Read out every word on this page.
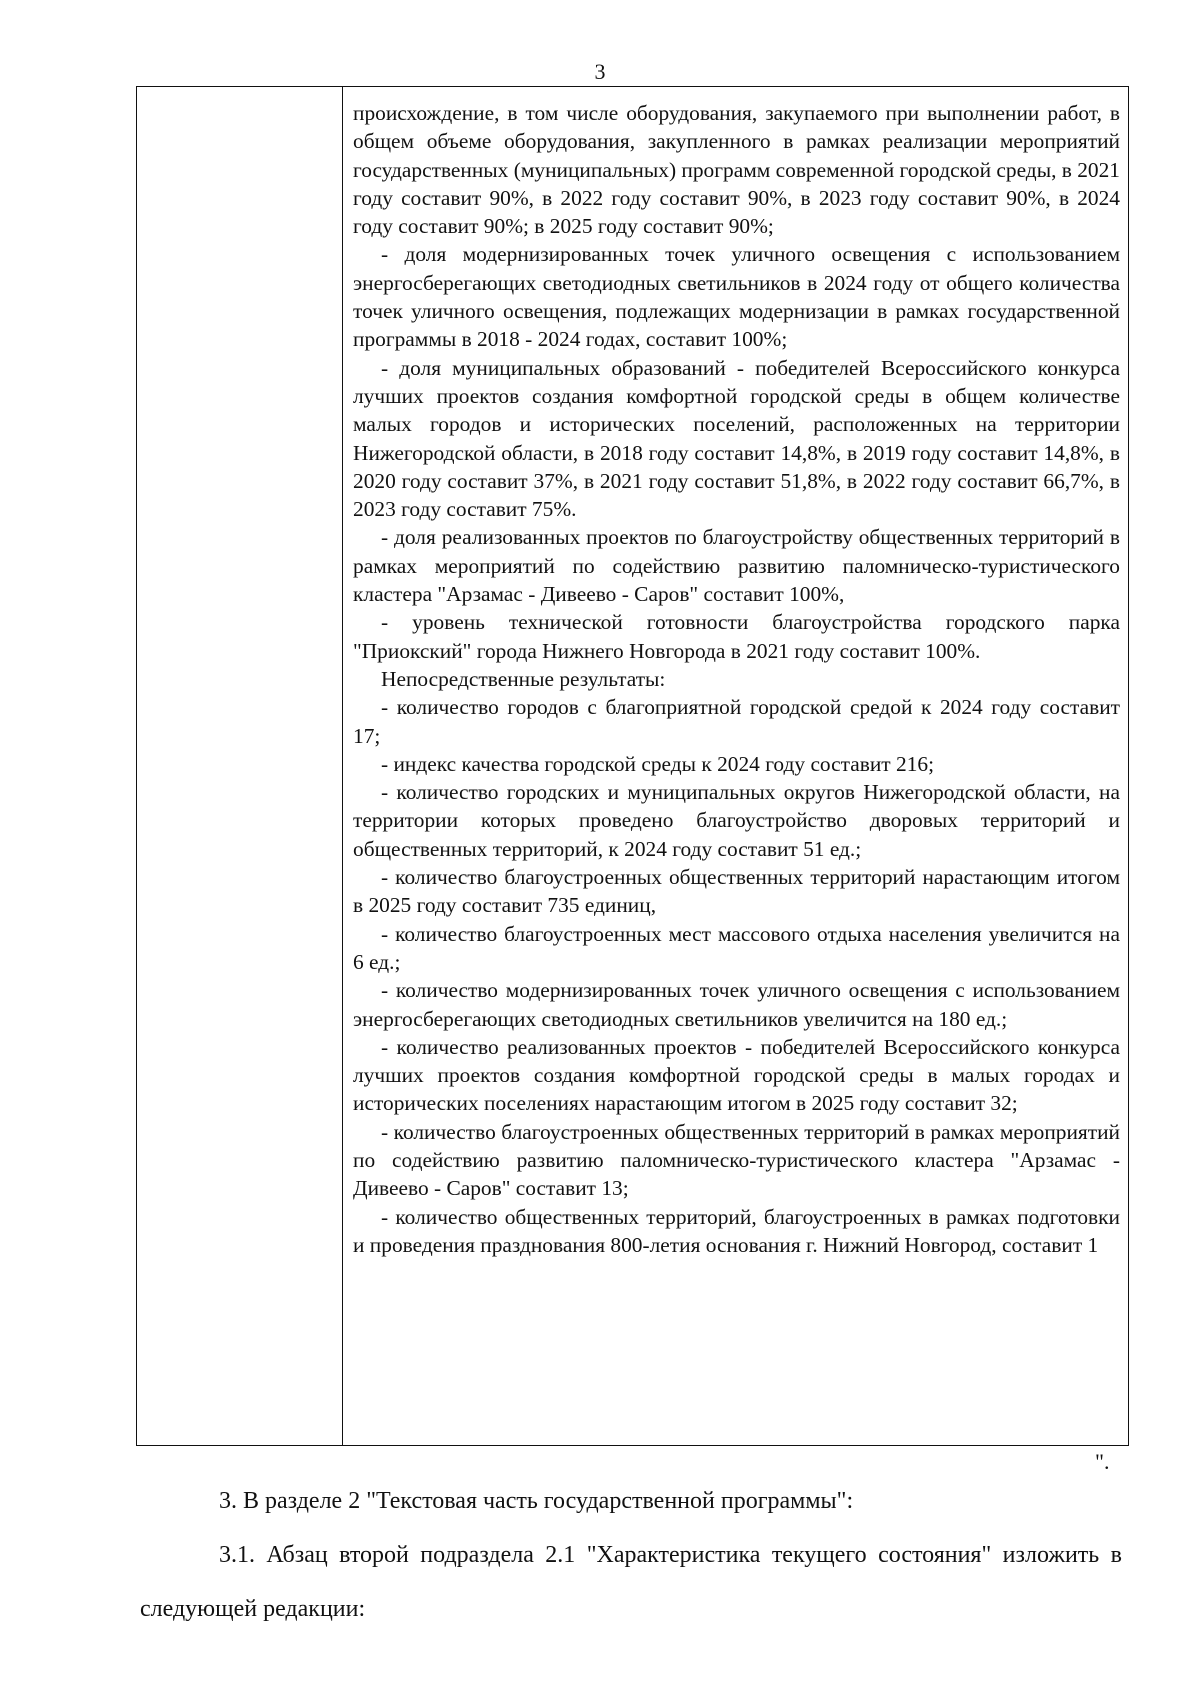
3

происхождение, в том числе оборудования, закупаемого при выполнении работ, в общем объеме оборудования, закупленного в рамках реализации мероприятий государственных (муниципальных) программ современной городской среды, в 2021 году составит 90%, в 2022 году составит 90%, в 2023 году составит 90%, в 2024 году составит 90%; в 2025 году составит 90%;

- доля модернизированных точек уличного освещения с использованием энергосберегающих светодиодных светильников в 2024 году от общего количества точек уличного освещения, подлежащих модернизации в рамках государственной программы в 2018 - 2024 годах, составит 100%;

- доля муниципальных образований - победителей Всероссийского конкурса лучших проектов создания комфортной городской среды в общем количестве малых городов и исторических поселений, расположенных на территории Нижегородской области, в 2018 году составит 14,8%, в 2019 году составит 14,8%, в 2020 году составит 37%, в 2021 году составит 51,8%, в 2022 году составит 66,7%, в 2023 году составит 75%.

- доля реализованных проектов по благоустройству общественных территорий в рамках мероприятий по содействию развитию паломническо-туристического кластера "Арзамас - Дивеево - Саров" составит 100%,

- уровень технической готовности благоустройства городского парка "Приокский" города Нижнего Новгорода в 2021 году составит 100%.

Непосредственные результаты:

- количество городов с благоприятной городской средой к 2024 году составит 17;

- индекс качества городской среды к 2024 году составит 216;

- количество городских и муниципальных округов Нижегородской области, на территории которых проведено благоустройство дворовых территорий и общественных территорий, к 2024 году составит 51 ед.;

- количество благоустроенных общественных территорий нарастающим итогом в 2025 году составит 735 единиц,

- количество благоустроенных мест массового отдыха населения увеличится на 6 ед.;

- количество модернизированных точек уличного освещения с использованием энергосберегающих светодиодных светильников увеличится на 180 ед.;

- количество реализованных проектов - победителей Всероссийского конкурса лучших проектов создания комфортной городской среды в малых городах и исторических поселениях нарастающим итогом в 2025 году составит 32;

- количество благоустроенных общественных территорий в рамках мероприятий по содействию развитию паломническо-туристического кластера "Арзамас - Дивеево - Саров" составит 13;

- количество общественных территорий, благоустроенных в рамках подготовки и проведения празднования 800-летия основания г. Нижний Новгород, составит 1

".

3. В разделе 2 "Текстовая часть государственной программы":

3.1. Абзац второй подраздела 2.1 "Характеристика текущего состояния" изложить в следующей редакции:
